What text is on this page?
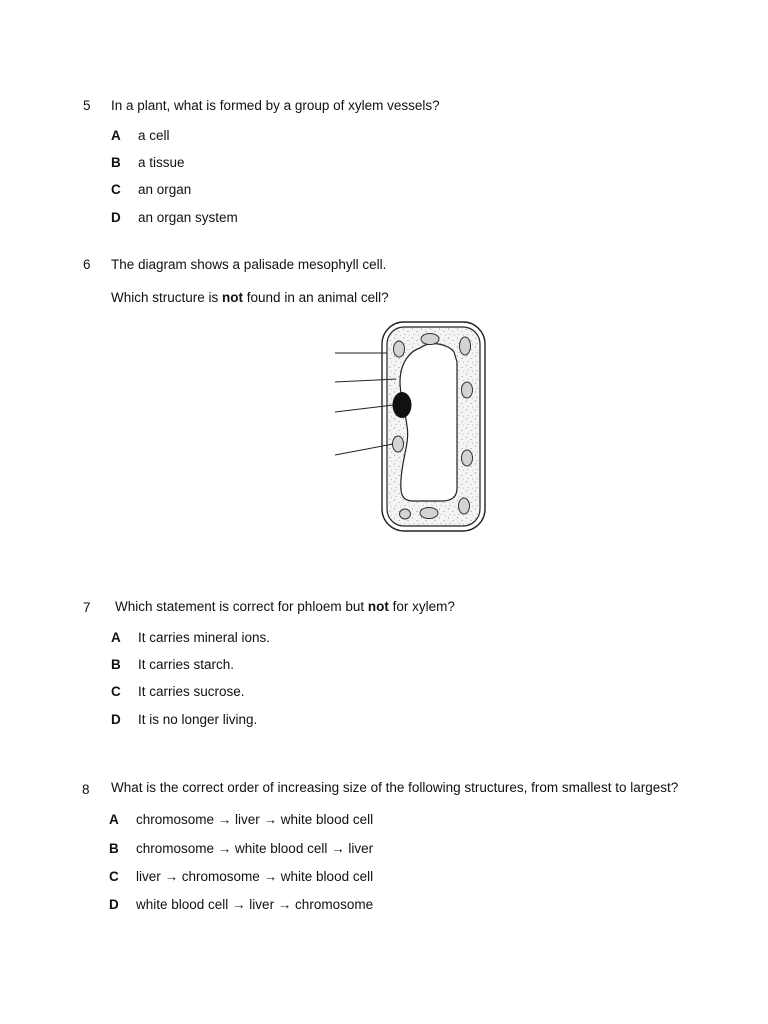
5	In a plant, what is formed by a group of xylem vessels?
A a cell
B a tissue
C an organ
D an organ system
6	The diagram shows a palisade mesophyll cell.
Which structure is not found in an animal cell?
7	Which statement is correct for phloem but not for xylem?
A It carries mineral ions.
B It carries starch.
C It carries sucrose.
D It is no longer living.
8	What is the correct order of increasing size of the following structures, from smallest to largest?
A chromosome → liver → white blood cell
B chromosome → white blood cell → liver
C liver → chromosome → white blood cell
D white blood cell → liver → chromosome
